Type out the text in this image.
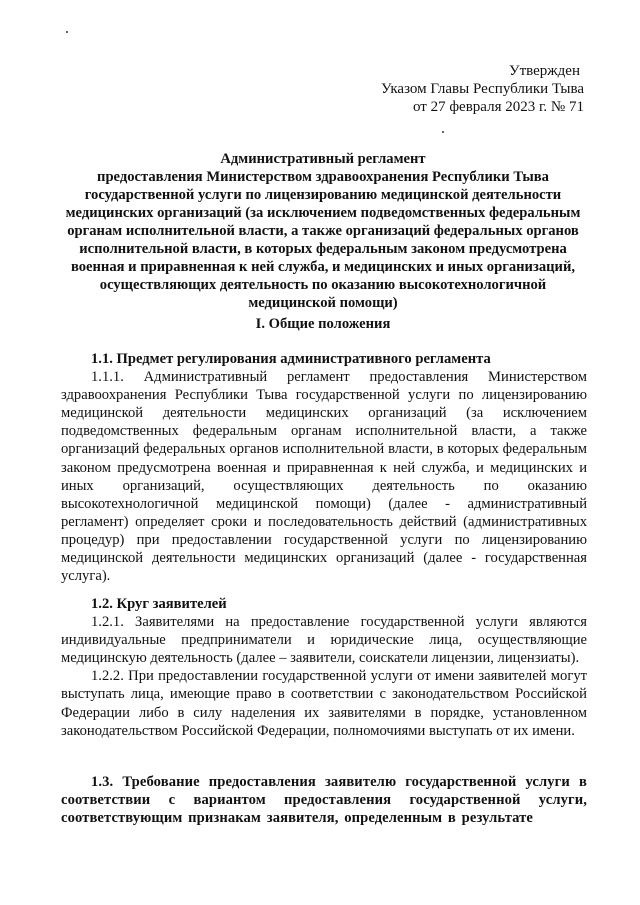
Утвержден
Указом Главы Республики Тыва
от 27 февраля 2023 г. № 71
Административный регламент
предоставления Министерством здравоохранения Республики Тыва государственной услуги по лицензированию медицинской деятельности медицинских организаций (за исключением подведомственных федеральным органам исполнительной власти, а также организаций федеральных органов исполнительной власти, в которых федеральным законом предусмотрена военная и приравненная к ней служба, и медицинских и иных организаций, осуществляющих деятельность по оказанию высокотехнологичной медицинской помощи)
I. Общие положения

1.1. Предмет регулирования административного регламента

1.1.1. Административный регламент предоставления Министерством здравоохранения Республики Тыва государственной услуги по лицензированию медицинской деятельности медицинских организаций (за исключением подведомственных федеральным органам исполнительной власти, а также организаций федеральных органов исполнительной власти, в которых федеральным законом предусмотрена военная и приравненная к ней служба, и медицинских и иных организаций, осуществляющих деятельность по оказанию высокотехнологичной медицинской помощи) (далее - административный регламент) определяет сроки и последовательность действий (административных процедур) при предоставлении государственной услуги по лицензированию медицинской деятельности медицинских организаций (далее - государственная услуга).

1.2. Круг заявителей

1.2.1. Заявителями на предоставление государственной услуги являются индивидуальные предприниматели и юридические лица, осуществляющие медицинскую деятельность (далее – заявители, соискатели лицензии, лицензиаты).

1.2.2. При предоставлении государственной услуги от имени заявителей могут выступать лица, имеющие право в соответствии с законодательством Российской Федерации либо в силу наделения их заявителями в порядке, установленном законодательством Российской Федерации, полномочиями выступать от их имени.

1.3. Требование предоставления заявителю государственной услуги в соответствии с вариантом предоставления государственной услуги, соответствующим признакам заявителя, определенным в результате
